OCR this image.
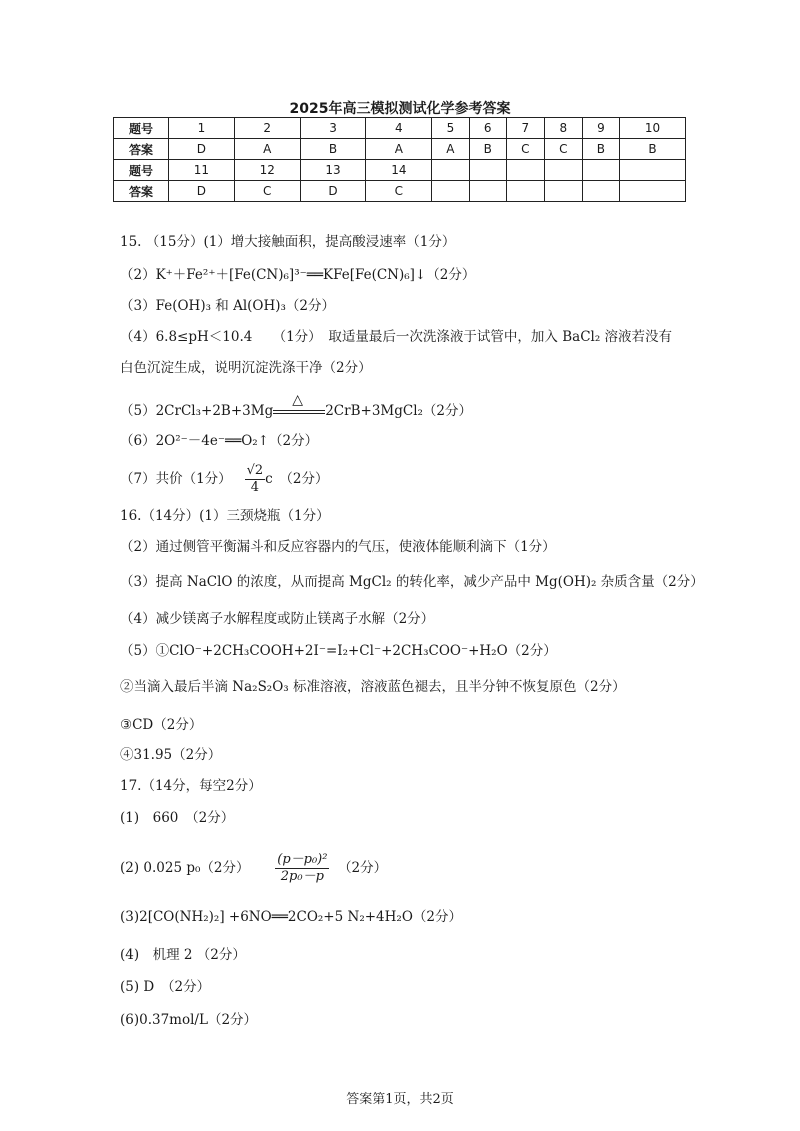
2025年高三模拟测试化学参考答案
题号	1	2	3	4	5	6	7	8	9	10
答案	D	A	B	A	A	B	C	C	B	B
题号	11	12	13	14						
答案	D	C	D	C						
15. （15分）(1）增大接触面积，提高酸浸速率（1分）
（2）K⁺＋Fe²⁺＋[Fe(CN)₆]³⁻══KFe[Fe(CN)₆]↓（2分）
（3）Fe(OH)₃ 和 Al(OH)₃（2分）
（4）6.8≤pH＜10.4　　（1分）　取适量最后一次洗涤液于试管中，加入 BaCl₂ 溶液若没有
白色沉淀生成，说明沉淀洗涤干净（2分）
（5）2CrCl₃+2B+3Mg
△
2CrB+3MgCl₂（2分）
（6）2O²⁻－4e⁻══O₂↑（2分）
（7）共价（1分） $\frac{√2}{4}$ c　（2分）
16.（14分）(1）三颈烧瓶（1分）
（2）通过侧管平衡漏斗和反应容器内的气压，使液体能顺利滴下（1分）
（3）提高 NaClO 的浓度，从而提高 MgCl₂ 的转化率，减少产品中 Mg(OH)₂ 杂质含量（2分）
（4）减少镁离子水解程度或防止镁离子水解（2分）
（5）①ClO⁻+2CH₃COOH+2I⁻=I₂+Cl⁻+2CH₃COO⁻+H₂O（2分）
②当滴入最后半滴 Na₂S₂O₃ 标准溶液，溶液蓝色褪去，且半分钟不恢复原色（2分）
③CD（2分）
④31.95（2分）
17.（14分，每空2分）
(1)　660　（2分）
(2) 0.025 p₀（2分） $\frac{\text{(p－p₀)²}}{\text{2p₀－p}} (2$分）
(3)2[CO(NH₂)₂] +6NO══2CO₂+5 N₂+4H₂O（2分）
(4)　机理 2 （2分）
(5) D　（2分）
(6)0.37mol/L（2分）
答案第1页，共2页
